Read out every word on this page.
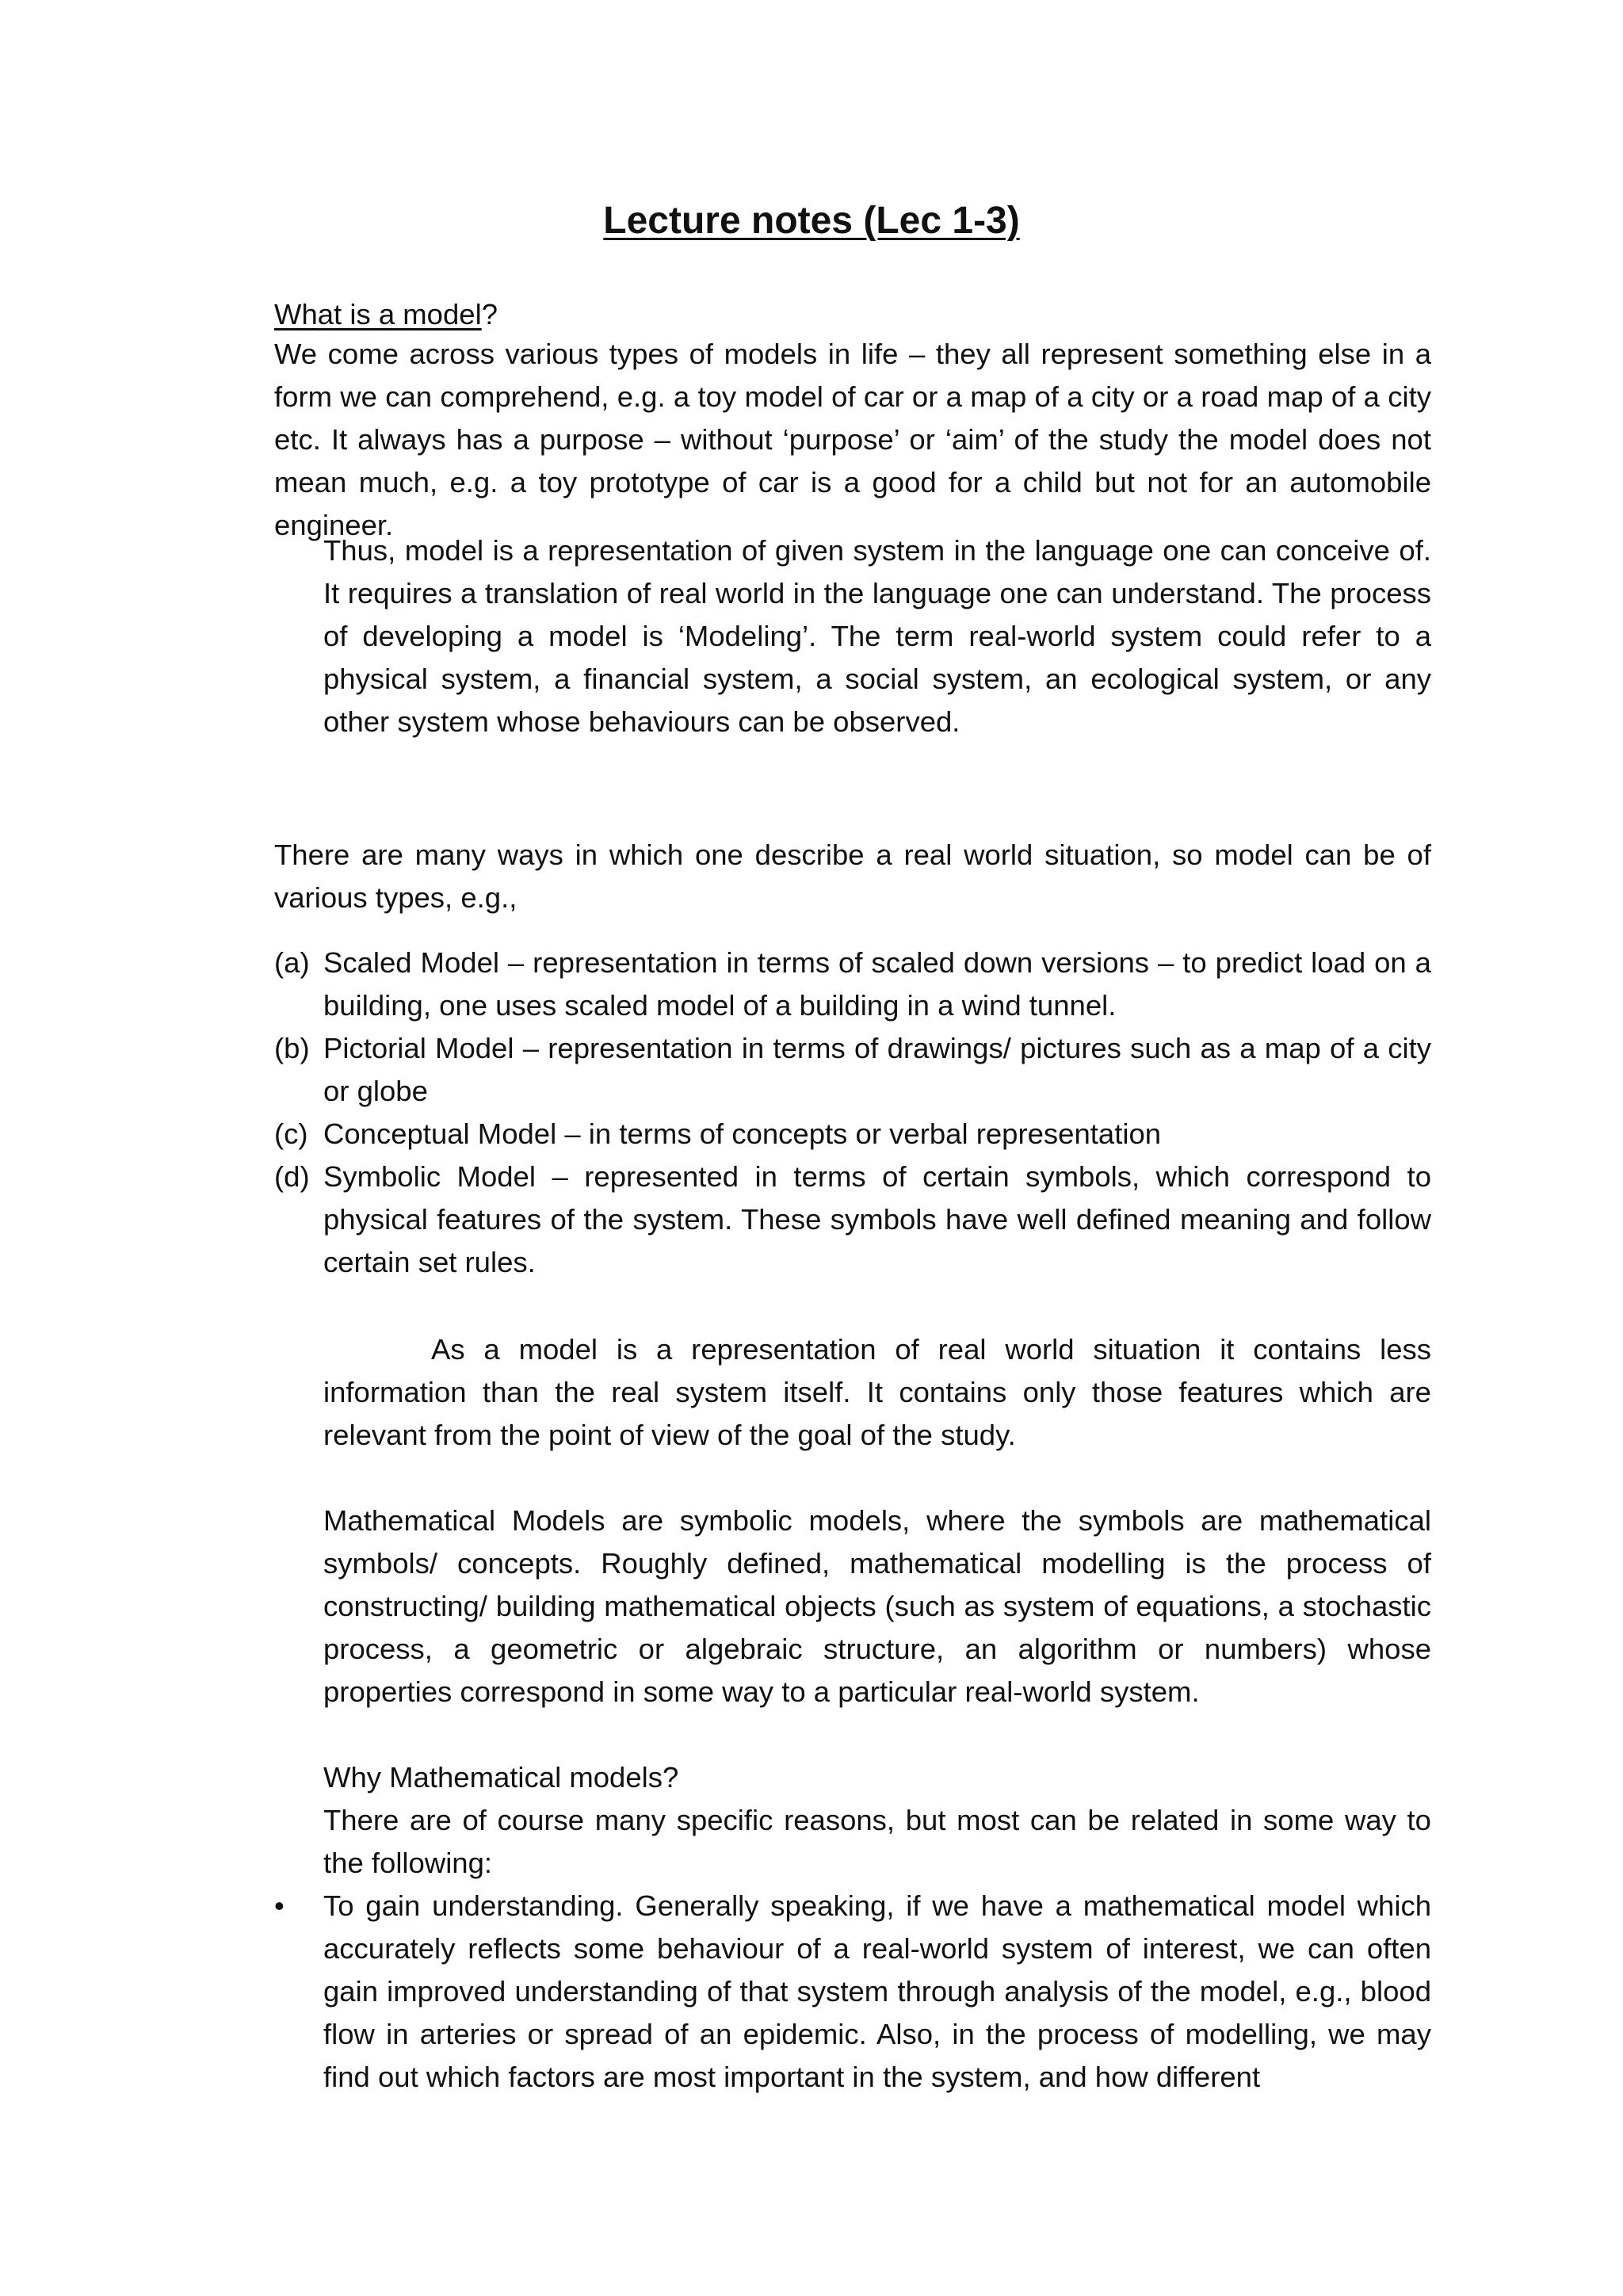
Lecture notes (Lec 1-3)

What is a model?

We come across various types of models in life – they all represent something else in a form we can comprehend, e.g. a toy model of car or a map of a city or a road map of a city etc. It always has a purpose – without ‘purpose’ or ‘aim’ of the study the model does not mean much, e.g. a toy prototype of car is a good for a child but not for an automobile engineer.

Thus, model is a representation of given system in the language one can conceive of. It requires a translation of real world in the language one can understand. The process of developing a model is ‘Modeling’. The term real-world system could refer to a physical system, a financial system, a social system, an ecological system, or any other system whose behaviours can be observed.

There are many ways in which one describe a real world situation, so model can be of various types, e.g.,

(a) Scaled Model – representation in terms of scaled down versions – to predict load on a building, one uses scaled model of a building in a wind tunnel.
(b) Pictorial Model – representation in terms of drawings/ pictures such as a map of a city or globe
(c) Conceptual Model – in terms of concepts or verbal representation
(d) Symbolic Model – represented in terms of certain symbols, which correspond to physical features of the system. These symbols have well defined meaning and follow certain set rules.

As a model is a representation of real world situation it contains less information than the real system itself. It contains only those features which are relevant from the point of view of the goal of the study.

Mathematical Models are symbolic models, where the symbols are mathematical symbols/ concepts. Roughly defined, mathematical modelling is the process of constructing/ building mathematical objects (such as system of equations, a stochastic process, a geometric or algebraic structure, an algorithm or numbers) whose properties correspond in some way to a particular real-world system.

Why Mathematical models?

There are of course many specific reasons, but most can be related in some way to the following:

• To gain understanding. Generally speaking, if we have a mathematical model which accurately reflects some behaviour of a real-world system of interest, we can often gain improved understanding of that system through analysis of the model, e.g., blood flow in arteries or spread of an epidemic. Also, in the process of modelling, we may find out which factors are most important in the system, and how different
